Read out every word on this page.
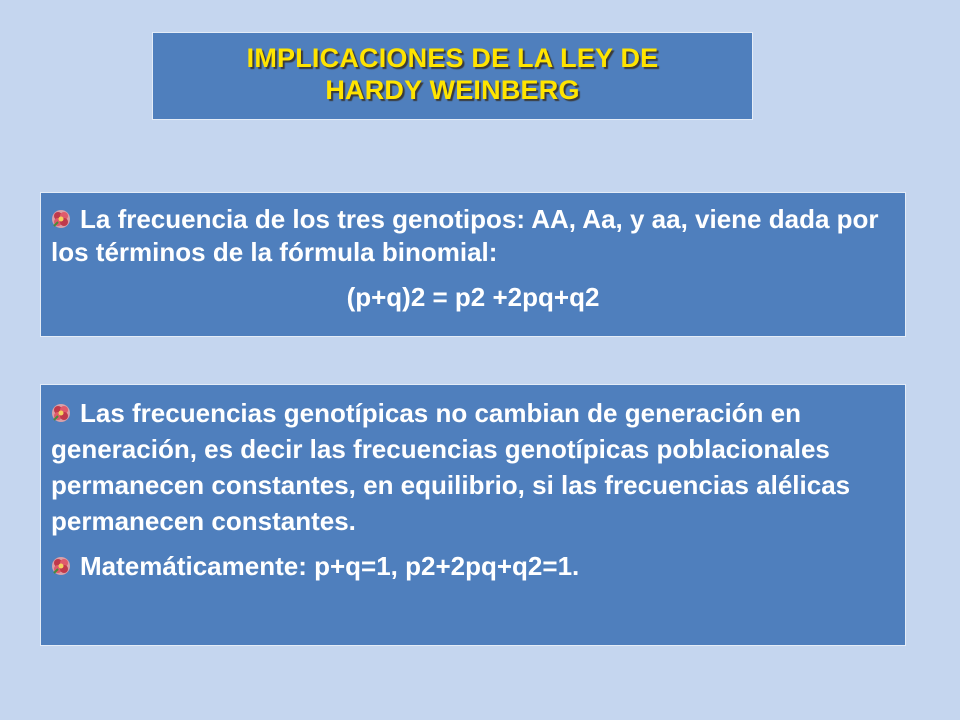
IMPLICACIONES DE LA LEY DE
HARDY WEINBERG

La frecuencia de los tres genotipos: AA, Aa, y aa, viene dada por los términos de la fórmula binomial:

(p+q)2 = p2 +2pq+q2

Las frecuencias genotípicas no cambian de generación en generación, es decir las frecuencias genotípicas poblacionales permanecen constantes, en equilibrio, si las frecuencias alélicas permanecen constantes.

Matemáticamente: p+q=1, p2+2pq+q2=1.
